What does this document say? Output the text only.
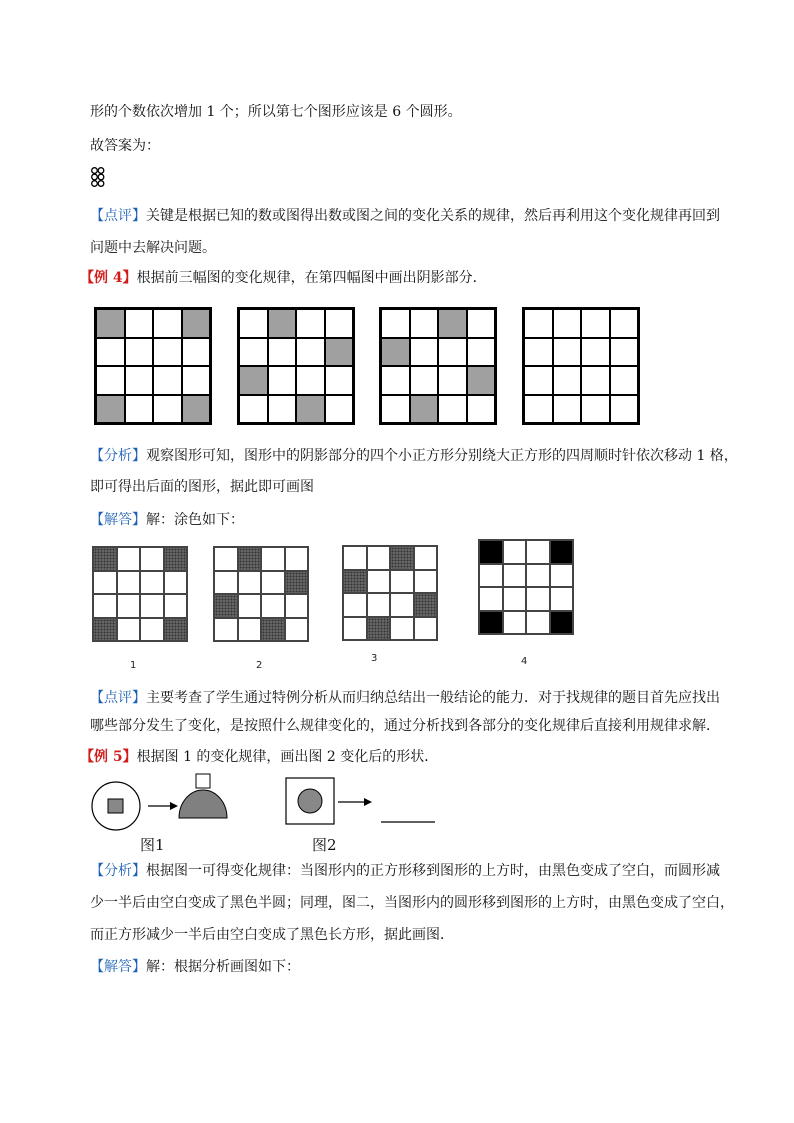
形的个数依次增加 1 个；所以第七个图形应该是 6 个圆形。
故答案为：
【点评】关键是根据已知的数或图得出数或图之间的变化关系的规律，然后再利用这个变化规律再回到
问题中去解决问题。
【例 4】根据前三幅图的变化规律，在第四幅图中画出阴影部分．
【分析】观察图形可知，图形中的阴影部分的四个小正方形分别绕大正方形的四周顺时针依次移动 1 格，
即可得出后面的图形，据此即可画图
【解答】解：涂色如下：
1	2
3	4
【点评】主要考查了学生通过特例分析从而归纳总结出一般结论的能力．对于找规律的题目首先应找出
哪些部分发生了变化，是按照什么规律变化的，通过分析找到各部分的变化规律后直接利用规律求解．
【例 5】根据图 1 的变化规律，画出图 2 变化后的形状．
图1	图2
【分析】根据图一可得变化规律：当图形内的正方形移到图形的上方时，由黑色变成了空白，而圆形减
少一半后由空白变成了黑色半圆；同理，图二，当图形内的圆形移到图形的上方时，由黑色变成了空白，
而正方形减少一半后由空白变成了黑色长方形，据此画图．
【解答】解：根据分析画图如下：
